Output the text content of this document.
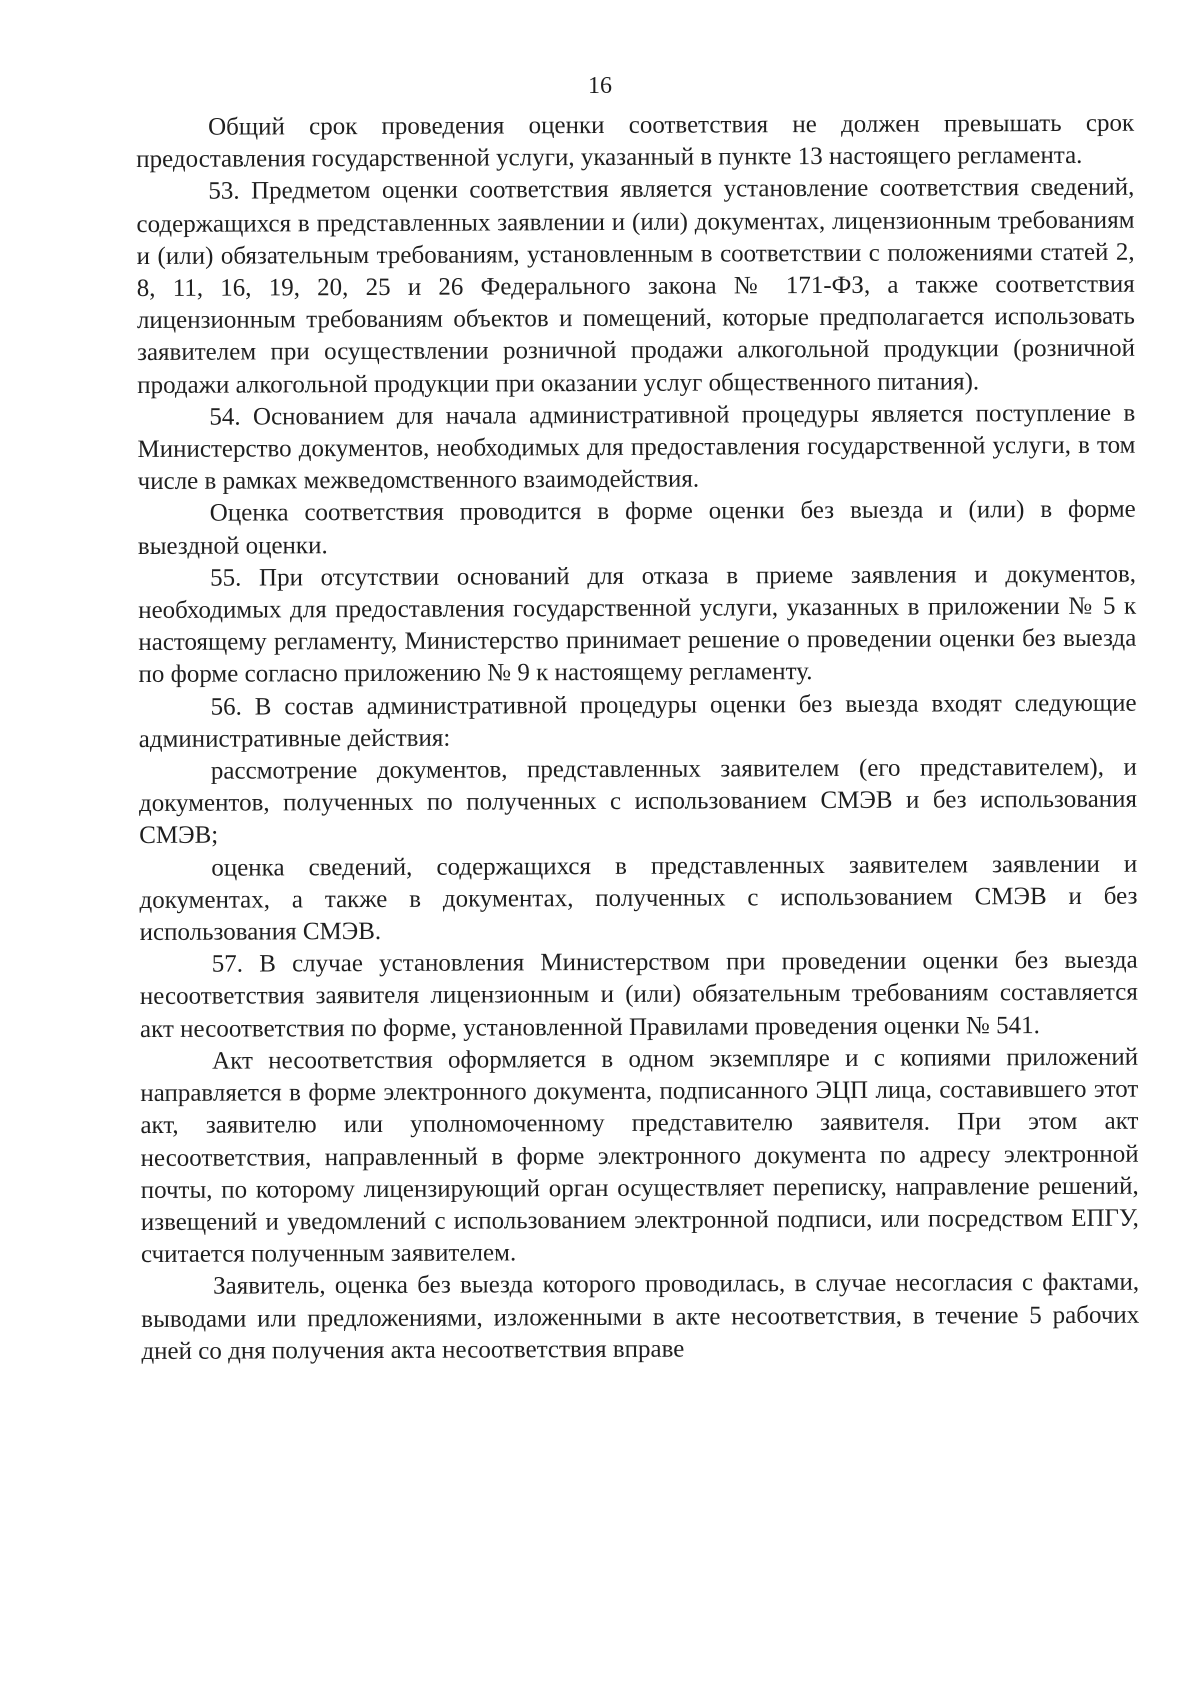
16

Общий срок проведения оценки соответствия не должен превышать срок предоставления государственной услуги, указанный в пункте 13 настоящего регламента.

53. Предметом оценки соответствия является установление соответствия сведений, содержащихся в представленных заявлении и (или) документах, лицензионным требованиям и (или) обязательным требованиям, установленным в соответствии с положениями статей 2, 8, 11, 16, 19, 20, 25 и 26 Федерального закона № 171-ФЗ, а также соответствия лицензионным требованиям объектов и помещений, которые предполагается использовать заявителем при осуществлении розничной продажи алкогольной продукции (розничной продажи алкогольной продукции при оказании услуг общественного питания).

54. Основанием для начала административной процедуры является поступление в Министерство документов, необходимых для предоставления государственной услуги, в том числе в рамках межведомственного взаимодействия.

Оценка соответствия проводится в форме оценки без выезда и (или) в форме выездной оценки.

55. При отсутствии оснований для отказа в приеме заявления и документов, необходимых для предоставления государственной услуги, указанных в приложении № 5 к настоящему регламенту, Министерство принимает решение о проведении оценки без выезда по форме согласно приложению № 9 к настоящему регламенту.

56. В состав административной процедуры оценки без выезда входят следующие административные действия:

рассмотрение документов, представленных заявителем (его представителем), и документов, полученных по полученных с использованием СМЭВ и без использования СМЭВ;

оценка сведений, содержащихся в представленных заявителем заявлении и документах, а также в документах, полученных с использованием СМЭВ и без использования СМЭВ.

57. В случае установления Министерством при проведении оценки без выезда несоответствия заявителя лицензионным и (или) обязательным требованиям составляется акт несоответствия по форме, установленной Правилами проведения оценки № 541.

Акт несоответствия оформляется в одном экземпляре и с копиями приложений направляется в форме электронного документа, подписанного ЭЦП лица, составившего этот акт, заявителю или уполномоченному представителю заявителя. При этом акт несоответствия, направленный в форме электронного документа по адресу электронной почты, по которому лицензирующий орган осуществляет переписку, направление решений, извещений и уведомлений с использованием электронной подписи, или посредством ЕПГУ, считается полученным заявителем.

Заявитель, оценка без выезда которого проводилась, в случае несогласия с фактами, выводами или предложениями, изложенными в акте несоответствия, в течение 5 рабочих дней со дня получения акта несоответствия вправе
